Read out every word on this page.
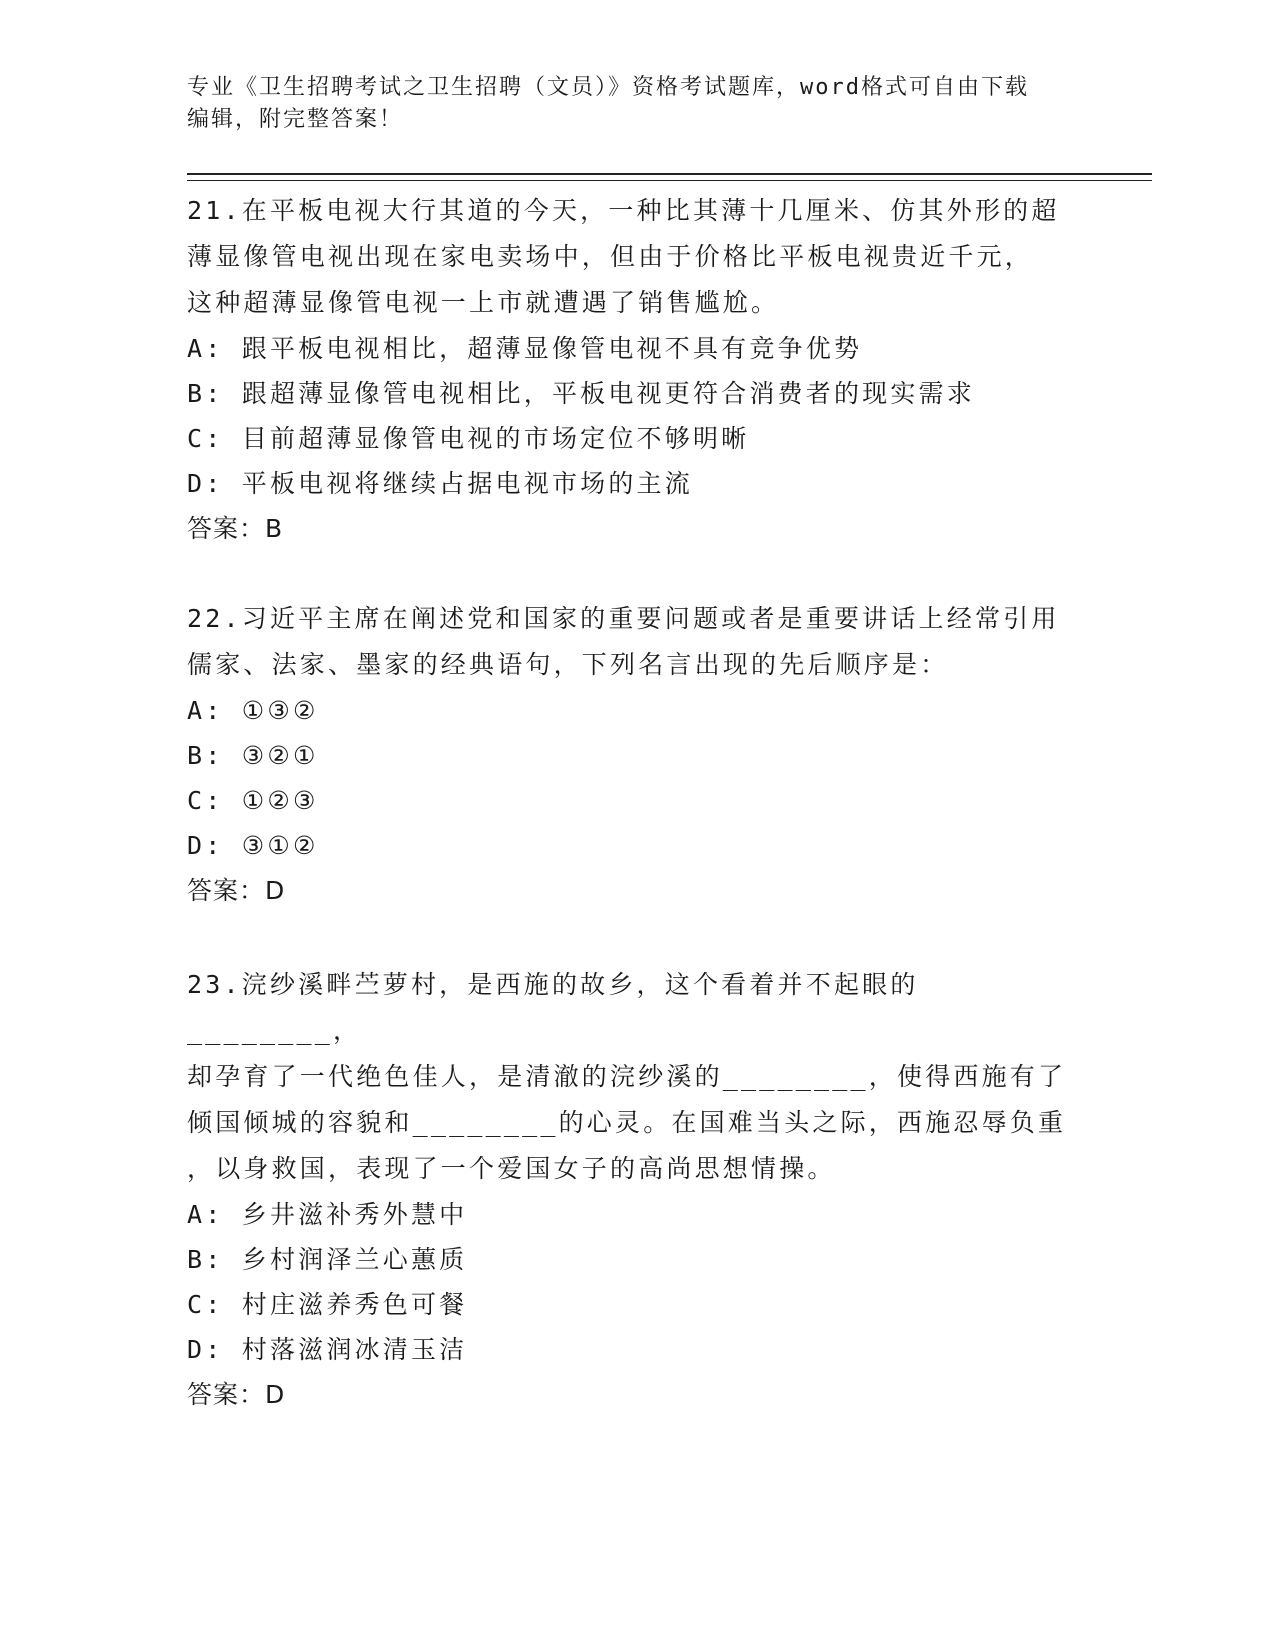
专业《卫生招聘考试之卫生招聘（文员）》资格考试题库，word格式可自由下载
编辑，附完整答案！

21.在平板电视大行其道的今天，一种比其薄十几厘米、仿其外形的超

薄显像管电视出现在家电卖场中，但由于价格比平板电视贵近千元，

这种超薄显像管电视一上市就遭遇了销售尴尬。

A: 跟平板电视相比，超薄显像管电视不具有竞争优势

B: 跟超薄显像管电视相比，平板电视更符合消费者的现实需求

C: 目前超薄显像管电视的市场定位不够明晰

D: 平板电视将继续占据电视市场的主流

答案：B

22.习近平主席在阐述党和国家的重要问题或者是重要讲话上经常引用

儒家、法家、墨家的经典语句，下列名言出现的先后顺序是：

A: ①③②

B: ③②①

C: ①②③

D: ③①②

答案：D

23.浣纱溪畔苎萝村，是西施的故乡，这个看着并不起眼的________，

却孕育了一代绝色佳人，是清澈的浣纱溪的________，使得西施有了

倾国倾城的容貌和________的心灵。在国难当头之际，西施忍辱负重

，以身救国，表现了一个爱国女子的高尚思想情操。

A: 乡井滋补秀外慧中

B: 乡村润泽兰心蕙质

C: 村庄滋养秀色可餐

D: 村落滋润冰清玉洁

答案：D
